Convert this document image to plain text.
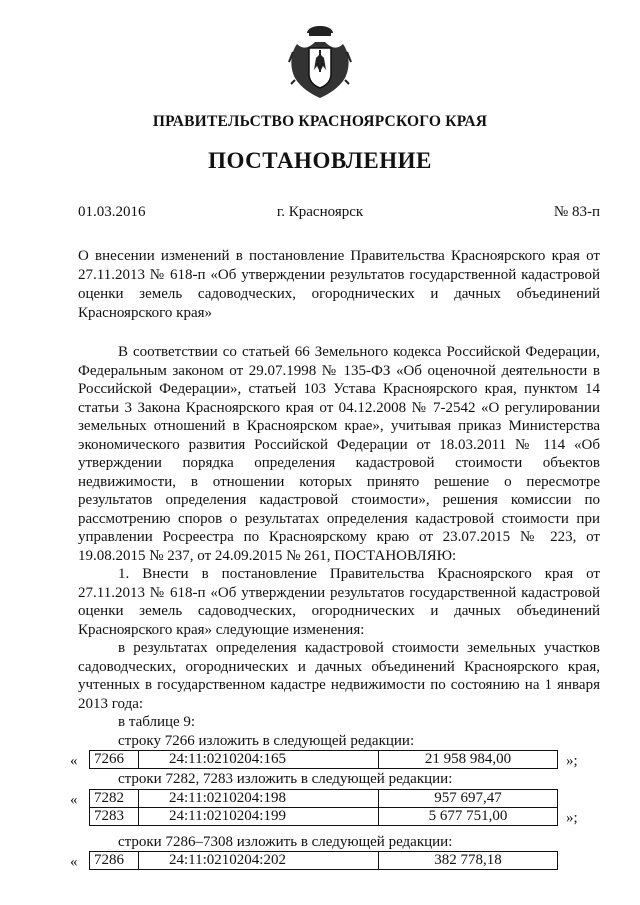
ПРАВИТЕЛЬСТВО КРАСНОЯРСКОГО КРАЯ
ПОСТАНОВЛЕНИЕ
01.03.2016	г. Красноярск	№ 83-п
О внесении изменений в постановление Правительства Красноярского края от 27.11.2013 № 618-п «Об утверждении результатов государственной кадастровой оценки земель садоводческих, огороднических и дачных объединений Красноярского края»

В соответствии со статьей 66 Земельного кодекса Российской Федерации, Федеральным законом от 29.07.1998 № 135-ФЗ «Об оценочной деятельности в Российской Федерации», статьей 103 Устава Красноярского края, пунктом 14 статьи 3 Закона Красноярского края от 04.12.2008 № 7-2542 «О регулировании земельных отношений в Красноярском крае», учитывая приказ Министерства экономического развития Российской Федерации от 18.03.2011 № 114 «Об утверждении порядка определения кадастровой стоимости объектов недвижимости, в отношении которых принято решение о пересмотре результатов определения кадастровой стоимости», решения комиссии по рассмотрению споров о результатах определения кадастровой стоимости при управлении Росреестра по Красноярскому краю от 23.07.2015 № 223, от 19.08.2015 № 237, от 24.09.2015 № 261, ПОСТАНОВЛЯЮ:

1. Внести в постановление Правительства Красноярского края от 27.11.2013 № 618-п «Об утверждении результатов государственной кадастровой оценки земель садоводческих, огороднических и дачных объединений Красноярского края» следующие изменения:

в результатах определения кадастровой стоимости земельных участков садоводческих, огороднических и дачных объединений Красноярского края, учтенных в государственном кадастре недвижимости по состоянию на 1 января 2013 года:

в таблице 9:

строку 7266 изложить в следующей редакции:

« 7266	24:11:0210204:165	21 958 984,00	»;

строки 7282, 7283 изложить в следующей редакции:

« 7282	24:11:0210204:198	957 697,47
7283	24:11:0210204:199	5 677 751,00	»;

строки 7286–7308 изложить в следующей редакции:

« 7286	24:11:0210204:202	382 778,18
